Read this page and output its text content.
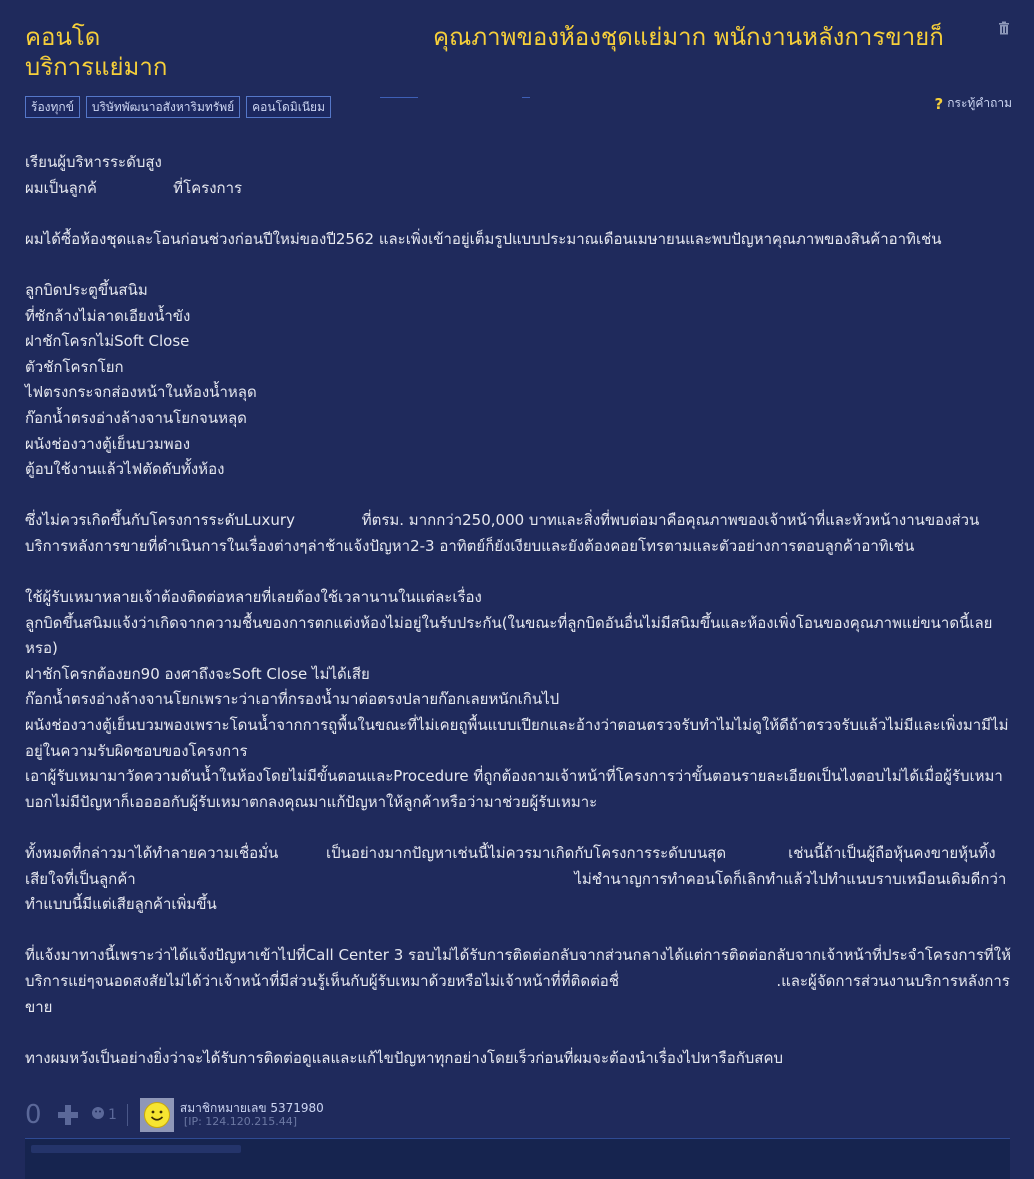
คอนโด	คุณภาพของห้องชุดแย่มาก พนักงานหลังการขายก็บริการแย่มาก
ร้องทุกข์	บริษัทพัฒนาอสังหาริมทรัพย์	คอนโดมิเนียม	? กระทู้คำถาม

เรียนผู้บริหารระดับสูง

ผมเป็นลูกค้                ที่โครงการ

ผมได้ซื้อห้องชุดและโอนก่อนช่วงก่อนปีใหม่ของปี2562 และเพิ่งเข้าอยู่เต็มรูปแบบประมาณเดือนเมษายนและพบปัญหาคุณภาพของสินค้าอาทิเช่น

ลูกบิดประตูขึ้นสนิม

ที่ซักล้างไม่ลาดเอียงน้ำขัง

ฝาชักโครกไม่Soft Close

ตัวชักโครกโยก

ไฟตรงกระจกส่องหน้าในห้องน้ำหลุด

ก๊อกน้ำตรงอ่างล้างจานโยกจนหลุด

ผนังช่องวางตู้เย็นบวมพอง

ตู้อบใช้งานแล้วไฟตัดดับทั้งห้อง

ซึ่งไม่ควรเกิดขึ้นกับโครงการระดับLuxury              ที่ตรม. มากกว่า250,000 บาทและสิ่งที่พบต่อมาคือคุณภาพของเจ้าหน้าที่และหัวหน้างานของส่วนบริการหลังการขายที่ดำเนินการในเรื่องต่างๆล่าช้าแจ้งปัญหา2-3 อาทิตย์ก็ยังเงียบและยังต้องคอยโทรตามและตัวอย่างการตอบลูกค้าอาทิเช่น

ใช้ผู้รับเหมาหลายเจ้าต้องติดต่อหลายที่เลยต้องใช้เวลานานในแต่ละเรื่อง

ลูกบิดขึ้นสนิมแจ้งว่าเกิดจากความชื้นของการตกแต่งห้องไม่อยู่ในรับประกัน(ในขณะที่ลูกบิดอันอื่นไม่มีสนิมขึ้นและห้องเพิ่งโอนของคุณภาพแย่ขนาดนี้เลยหรอ)

ฝาชักโครกต้องยก90 องศาถึงจะSoft Close ไม่ได้เสีย

ก๊อกน้ำตรงอ่างล้างจานโยกเพราะว่าเอาที่กรองน้ำมาต่อตรงปลายก๊อกเลยหนักเกินไป

ผนังช่องวางตู้เย็นบวมพองเพราะโดนน้ำจากการถูพื้นในขณะที่ไม่เคยถูพื้นแบบเปียกและอ้างว่าตอนตรวจรับทำไมไม่ดูให้ดีถ้าตรวจรับแล้วไม่มีและเพิ่งมามีไม่อยู่ในความรับผิดชอบของโครงการ

เอาผู้รับเหมามาวัดความดันน้ำในห้องโดยไม่มีขั้นตอนและProcedure ที่ถูกต้องถามเจ้าหน้าที่โครงการว่าขั้นตอนรายละเอียดเป็นไงตอบไม่ได้เมื่อผู้รับเหมาบอกไม่มีปัญหาก็เออออกับผู้รับเหมาตกลงคุณมาแก้ปัญหาให้ลูกค้าหรือว่ามาช่วยผู้รับเหมาะ

ทั้งหมดที่กล่าวมาได้ทำลายความเชื่อมั่น          เป็นอย่างมากปัญหาเช่นนี้ไม่ควรมาเกิดกับโครงการระดับบนสุด             เช่นนี้ถ้าเป็นผู้ถือหุ้นคงขายหุ้นทิ้งเสียใจที่เป็นลูกค้า                                                                                            ไม่ชำนาญการทำคอนโดก็เลิกทำแล้วไปทำแนบราบเหมือนเดิมดีกว่าทำแบบนี้มีแต่เสียลูกค้าเพิ่มขึ้น

ที่แจ้งมาทางนี้เพราะว่าได้แจ้งปัญหาเข้าไปที่Call Center 3 รอบไม่ได้รับการติดต่อกลับจากส่วนกลางได้แต่การติดต่อกลับจากเจ้าหน้าที่ประจำโครงการที่ให้บริการแย่ๆจนอดสงสัยไม่ได้ว่าเจ้าหน้าที่มีส่วนรู้เห็นกับผู้รับเหมาด้วยหรือไม่เจ้าหน้าที่ที่ติดต่อชื่                                 .และผู้จัดการส่วนงานบริการหลังการขาย

ทางผมหวังเป็นอย่างยิ่งว่าจะได้รับการติดต่อดูแลและแก้ไขปัญหาทุกอย่างโดยเร็วก่อนที่ผมจะต้องนำเรื่องไปหารือกับสคบ

0	1	สมาชิกหมายเลข 5371980
[IP: 124.120.215.44]
